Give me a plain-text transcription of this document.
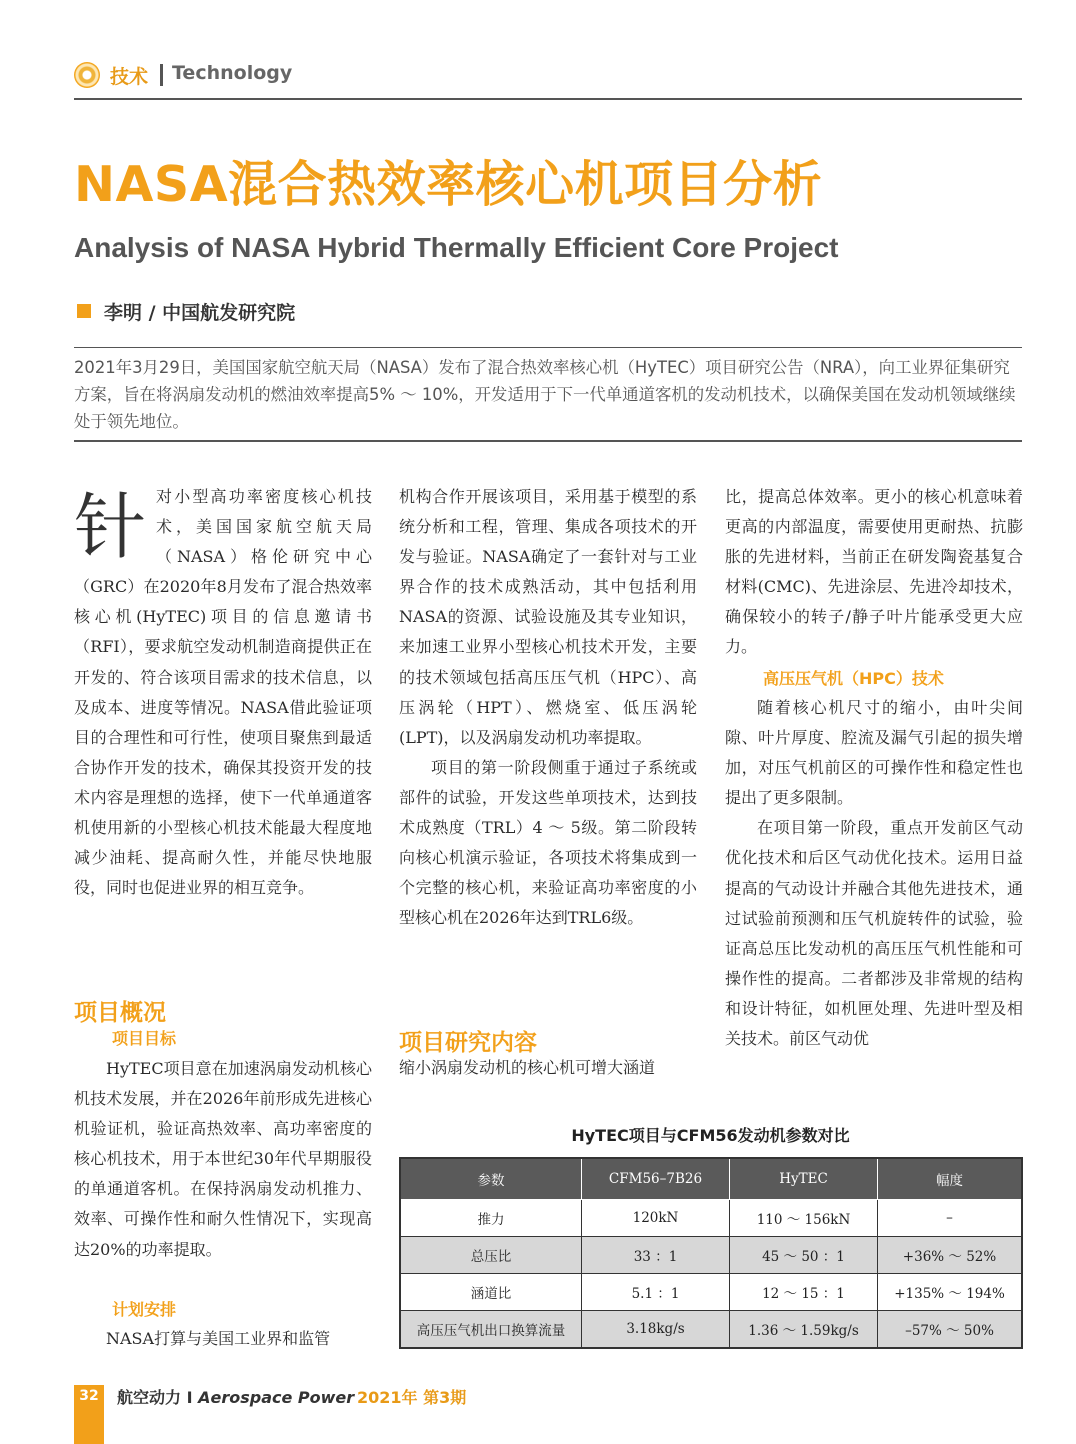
技术 Technology
NASA混合热效率核心机项目分析
Analysis of NASA Hybrid Thermally Efficient Core Project
李明 / 中国航发研究院
2021年3月29日，美国国家航空航天局（NASA）发布了混合热效率核心机（HyTEC）项目研究公告（NRA），向工业界征集研究方案，旨在将涡扇发动机的燃油效率提高5% ～ 10%，开发适用于下一代单通道客机的发动机技术，以确保美国在发动机领域继续处于领先地位。

针对小型高功率密度核心机技术，美国国家航空航天局（NASA）格伦研究中心（GRC）在2020年8月发布了混合热效率核心机(HyTEC)项目的信息邀请书（RFI），要求航空发动机制造商提供正在开发的、符合该项目需求的技术信息，以及成本、进度等情况。NASA借此验证项目的合理性和可行性，使项目聚焦到最适合协作开发的技术，确保其投资开发的技术内容是理想的选择，使下一代单通道客机使用新的小型核心机技术能最大程度地减少油耗、提高耐久性，并能尽快地服役，同时也促进业界的相互竞争。

项目概况
项目目标

HyTEC项目意在加速涡扇发动机核心机技术发展，并在2026年前形成先进核心机验证机，验证高热效率、高功率密度的核心机技术，用于本世纪30年代早期服役的单通道客机。在保持涡扇发动机推力、效率、可操作性和耐久性情况下，实现高达20%的功率提取。

计划安排

NASA打算与美国工业界和监管

机构合作开展该项目，采用基于模型的系统分析和工程，管理、集成各项技术的开发与验证。NASA确定了一套针对与工业界合作的技术成熟活动，其中包括利用NASA的资源、试验设施及其专业知识，来加速工业界小型核心机技术开发，主要的技术领域包括高压压气机（HPC）、高压涡轮（HPT）、燃烧室、低压涡轮(LPT)，以及涡扇发动机功率提取。

项目的第一阶段侧重于通过子系统或部件的试验，开发这些单项技术，达到技术成熟度（TRL）4 ～ 5级。第二阶段转向核心机演示验证，各项技术将集成到一个完整的核心机，来验证高功率密度的小型核心机在2026年达到TRL6级。

项目研究内容

缩小涡扇发动机的核心机可增大涵道

比，提高总体效率。更小的核心机意味着更高的内部温度，需要使用更耐热、抗膨胀的先进材料，当前正在研发陶瓷基复合材料(CMC)、先进涂层、先进冷却技术，确保较小的转子/静子叶片能承受更大应力。

高压压气机（HPC）技术

随着核心机尺寸的缩小，由叶尖间隙、叶片厚度、腔流及漏气引起的损失增加，对压气机前区的可操作性和稳定性也提出了更多限制。

在项目第一阶段，重点开发前区气动优化技术和后区气动优化技术。运用日益提高的气动设计并融合其他先进技术，通过试验前预测和压气机旋转件的试验，验证高总压比发动机的高压压气机性能和可操作性的提高。二者都涉及非常规的结构和设计特征，如机匣处理、先进叶型及相关技术。前区气动优

HyTEC项目与CFM56发动机参数对比
参数	CFM56–7B26	HyTEC	幅度
推力	120kN	110 ～ 156kN	–
总压比	33 ：1	45 ～ 50 ：1	+36% ～ 52%
涵道比	5.1 ：1	12 ～ 15 ：1	+135% ～ 194%
高压压气机出口换算流量	3.18kg/s	1.36 ～ 1.59kg/s	–57% ～ 50%
32	航空动力 I Aerospace Power 2021年 第3期
